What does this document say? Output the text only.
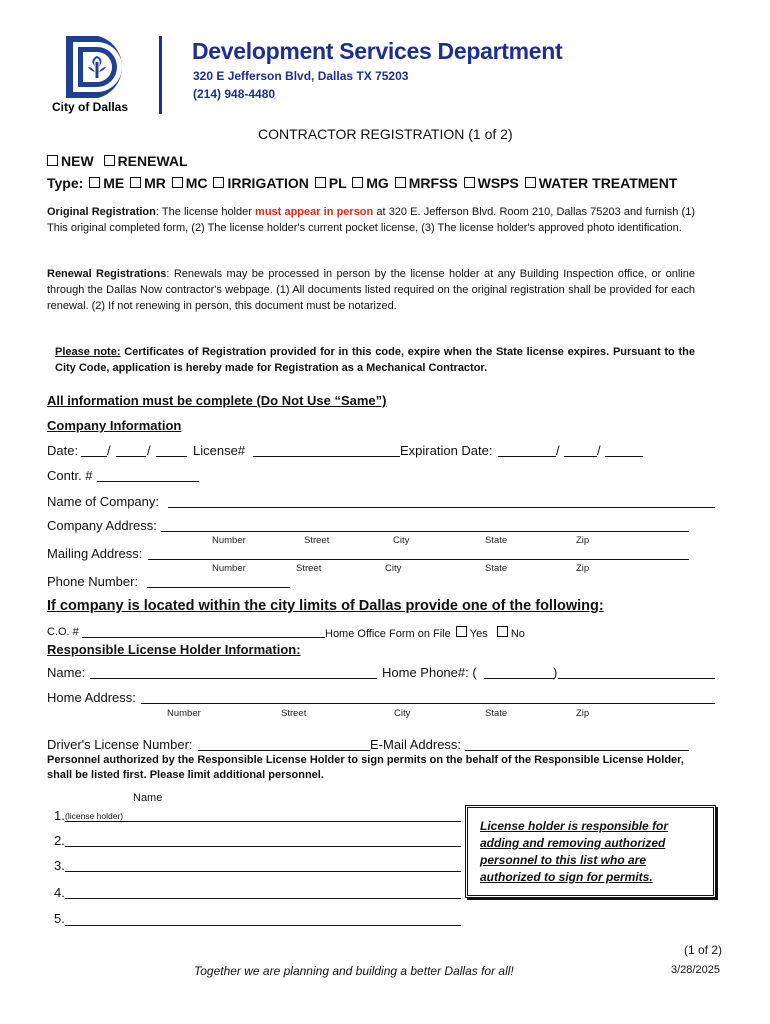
City of Dallas
Development Services Department
320 E Jefferson Blvd, Dallas TX 75203
(214) 948-4480
CONTRACTOR REGISTRATION (1 of 2)
NEW RENEWAL
Type: ME MR MC IRRIGATION PL MG MRFSS WSPS WATER TREATMENT
Original Registration: The license holder must appear in person at 320 E. Jefferson Blvd. Room 210, Dallas 75203 and furnish (1) This original completed form, (2) The license holder's current pocket license, (3) The license holder's approved photo identification.
Renewal Registrations: Renewals may be processed in person by the license holder at any Building Inspection office, or online through the Dallas Now contractor's webpage. (1) All documents listed required on the original registration shall be provided for each renewal. (2) If not renewing in person, this document must be notarized.
Please note: Certificates of Registration provided for in this code, expire when the State license expires. Pursuant to the City Code, application is hereby made for Registration as a Mechanical Contractor.
All information must be complete (Do Not Use “Same”)
Company Information
Date: /	/	License#	Expiration Date:	/	/
Contr. #
Name of Company:
Company Address:
Number	Street	City	State	Zip
Mailing Address:
Number	Street	City	State	Zip
Phone Number:
If company is located within the city limits of Dallas provide one of the following:
C.O. #	Home Office Form on File Yes No
Responsible License Holder Information:
Name:	Home Phone#: (	)
Home Address:
Number	Street	City	State	Zip
Driver's License Number:	E-Mail Address:
Personnel authorized by the Responsible License Holder to sign permits on the behalf of the Responsible License Holder, shall be listed first. Please limit additional personnel.
Name
1. (license holder)
2.
3.
4.
5.
License holder is responsible for adding and removing authorized personnel to this list who are authorized to sign for permits.
(1 of 2)
Together we are planning and building a better Dallas for all!	3/28/2025
